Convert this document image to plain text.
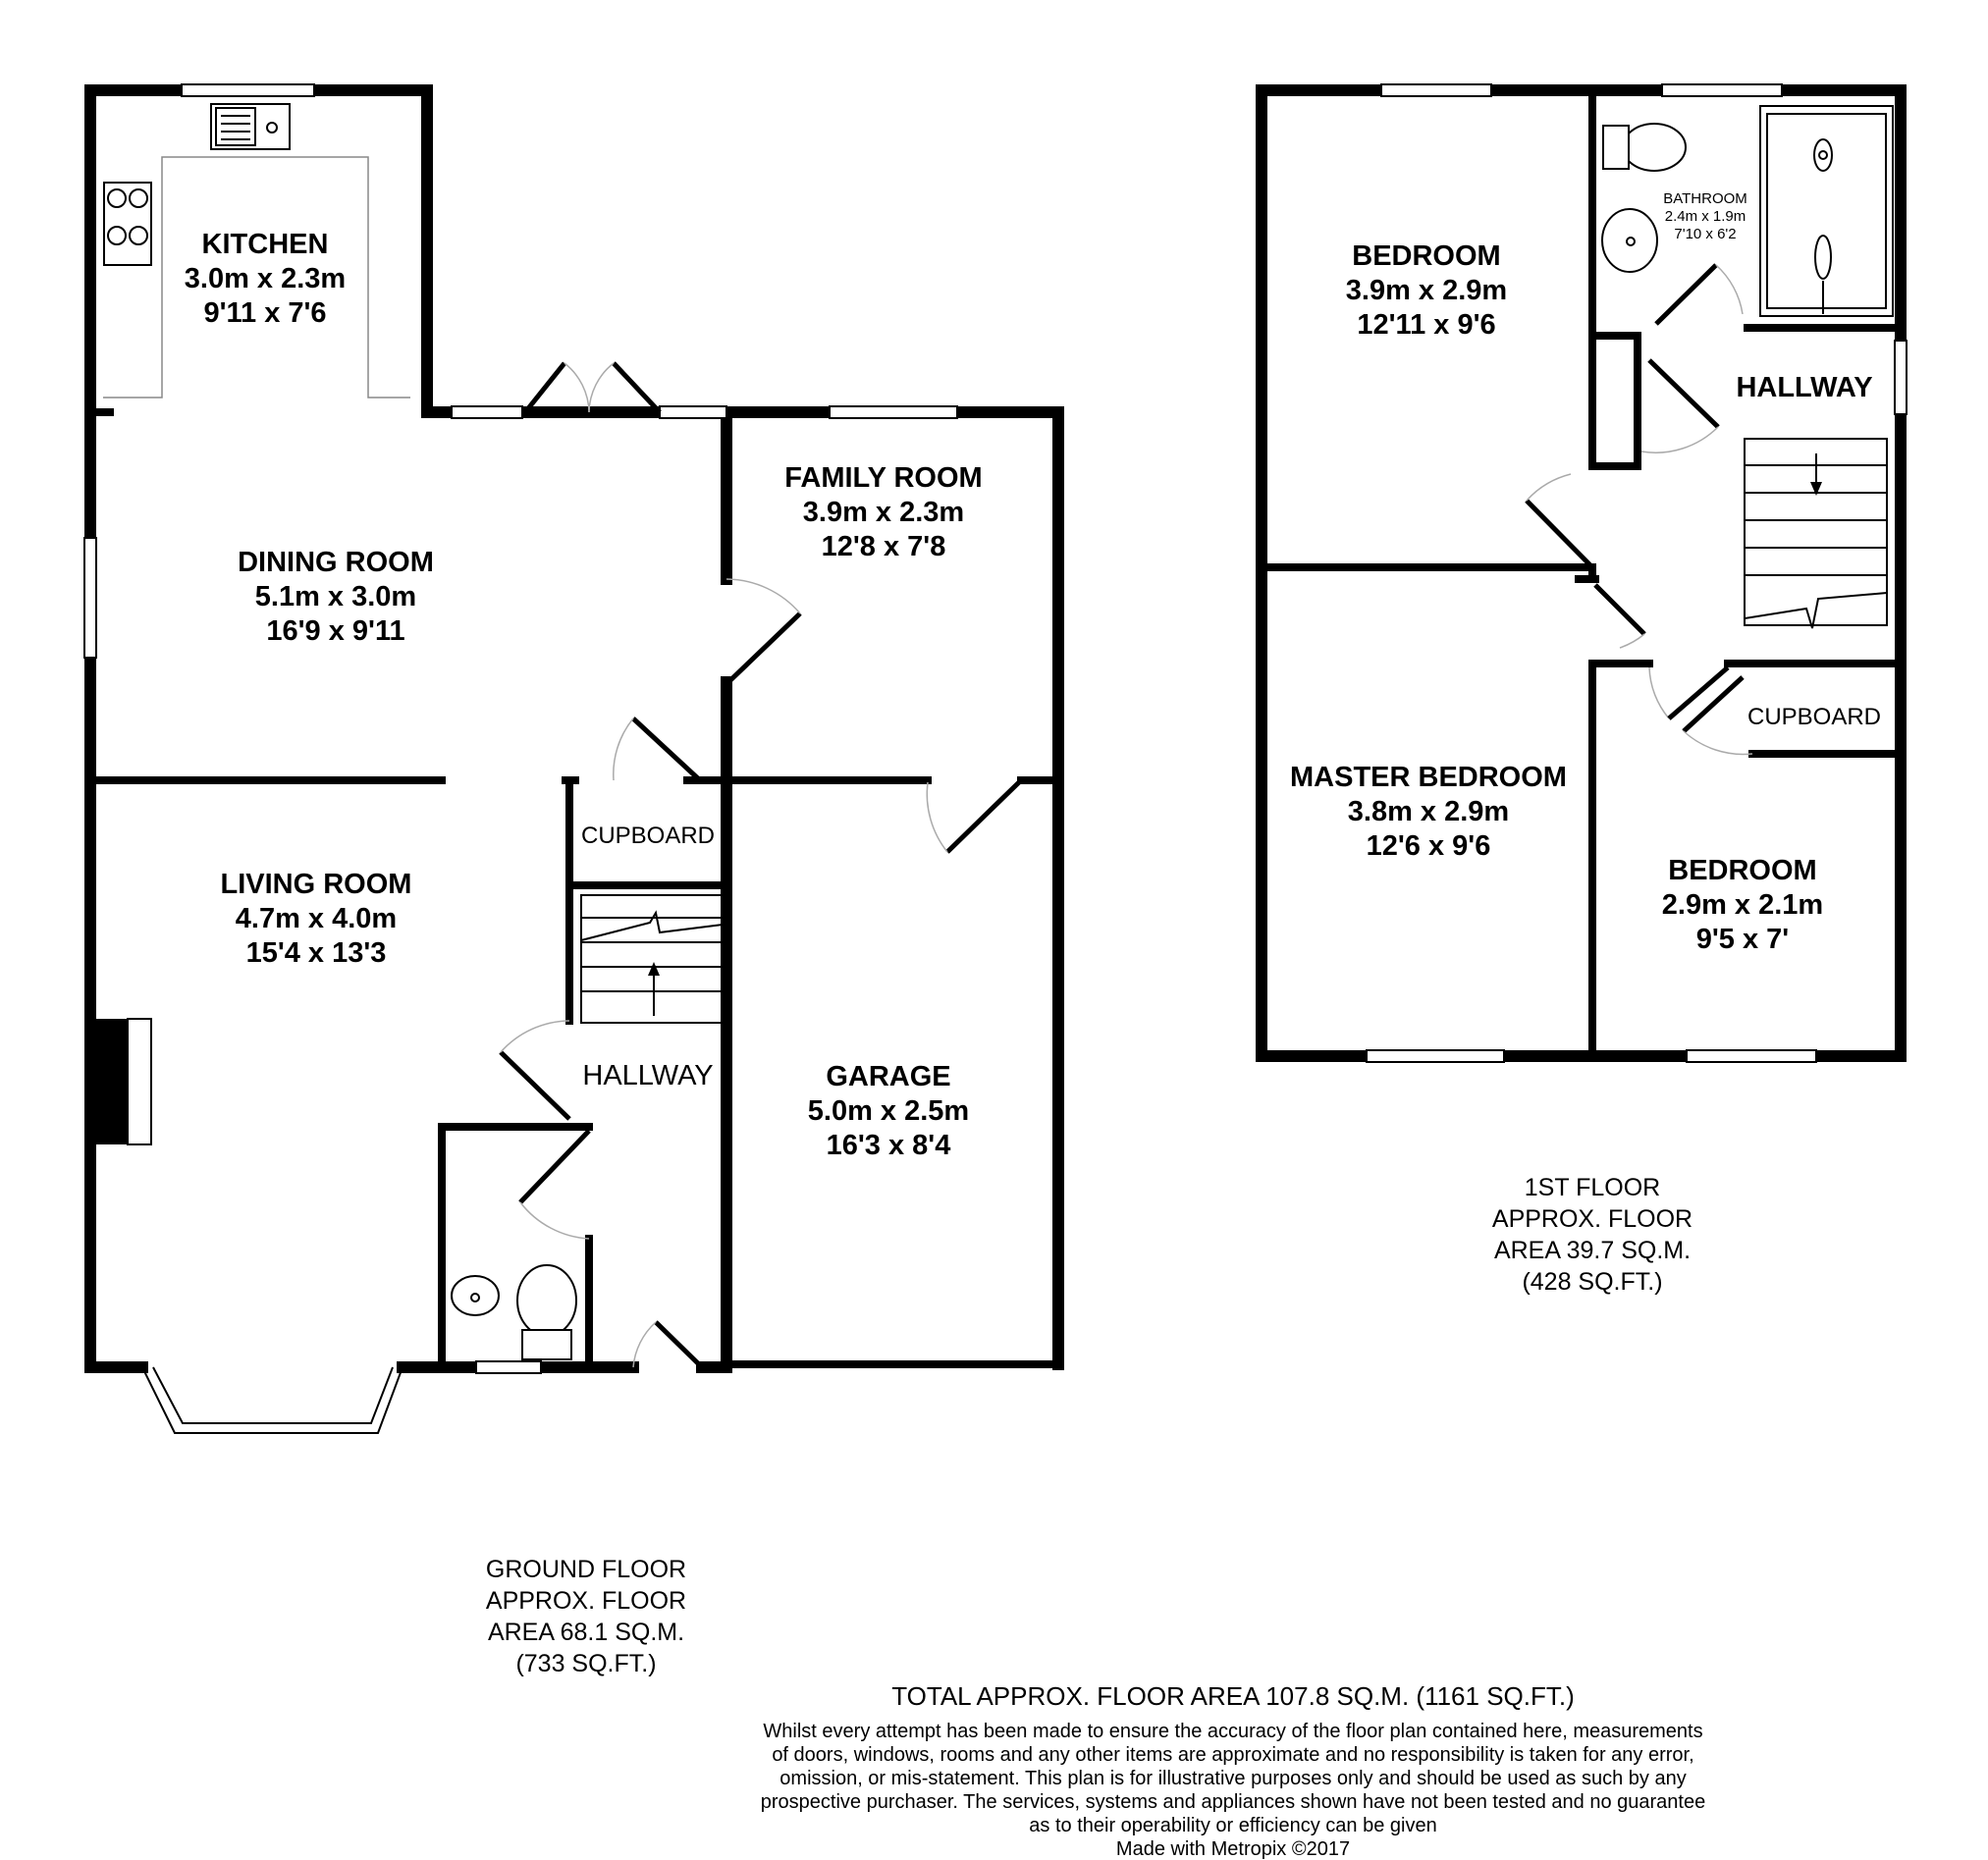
KITCHEN
3.0m x 2.3m
9'11 x 7'6
DINING ROOM
5.1m x 3.0m
16'9 x 9'11
FAMILY ROOM
3.9m x 2.3m
12'8 x 7'8
LIVING ROOM
4.7m x 4.0m
15'4 x 13'3
GARAGE
5.0m x 2.5m
16'3 x 8'4
CUPBOARD
HALLWAY
GROUND FLOOR
APPROX. FLOOR
AREA 68.1 SQ.M.
(733 SQ.FT.)
BEDROOM
3.9m x 2.9m
12'11 x 9'6
MASTER BEDROOM
3.8m x 2.9m
12'6 x 9'6
BEDROOM
2.9m x 2.1m
9'5 x 7'
BATHROOM
2.4m x 1.9m
7'10 x 6'2
HALLWAY
CUPBOARD
1ST FLOOR
APPROX. FLOOR
AREA 39.7 SQ.M.
(428 SQ.FT.)
TOTAL APPROX. FLOOR AREA 107.8 SQ.M. (1161 SQ.FT.)
Whilst every attempt has been made to ensure the accuracy of the floor plan contained here, measurements
of doors, windows, rooms and any other items are approximate and no responsibility is taken for any error,
omission, or mis-statement. This plan is for illustrative purposes only and should be used as such by any
prospective purchaser. The services, systems and appliances shown have not been tested and no guarantee
as to their operability or efficiency can be given
Made with Metropix ©2017
